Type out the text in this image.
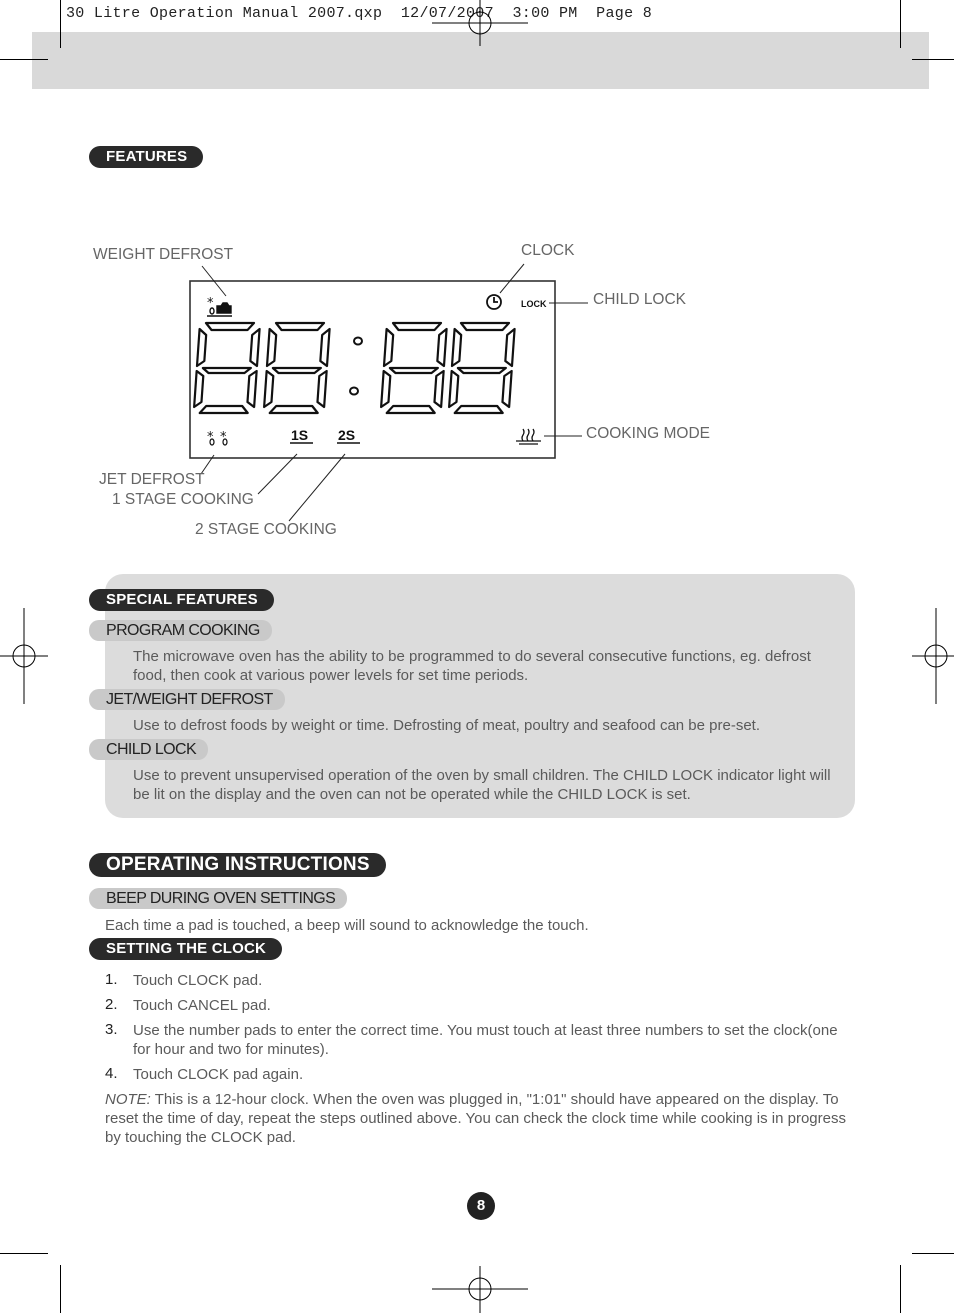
30 Litre Operation Manual 2007.qxp  12/07/2007  3:00 PM  Page 8
FEATURES
*	LOCK
* *	1S 2S
WEIGHT DEFROST	CLOCK
CHILD LOCK
COOKING MODE
JET DEFROST
1 STAGE COOKING
2 STAGE COOKING
SPECIAL FEATURES
PROGRAM COOKING
The microwave oven has the ability to be programmed to do several consecutive functions, eg. defrost food, then cook at various power levels for set time periods.
JET/WEIGHT DEFROST
Use to defrost foods by weight or time. Defrosting of meat, poultry and seafood can be pre-set.
CHILD LOCK
Use to prevent unsupervised operation of the oven by small children. The CHILD LOCK indicator light will be lit on the display and the oven can not be operated while the CHILD LOCK is set.
OPERATING INSTRUCTIONS
BEEP DURING OVEN SETTINGS
Each time a pad is touched, a beep will sound to acknowledge the touch.
SETTING THE CLOCK
1. Touch CLOCK pad.
2. Touch CANCEL pad.
3. Use the number pads to enter the correct time. You must touch at least three numbers to set the clock(one for hour and two for minutes).
4. Touch CLOCK pad again.
NOTE: This is a 12-hour clock. When the oven was plugged in, "1:01" should have appeared on the display. To reset the time of day, repeat the steps outlined above. You can check the clock time while cooking is in progress by touching the CLOCK pad.
8
